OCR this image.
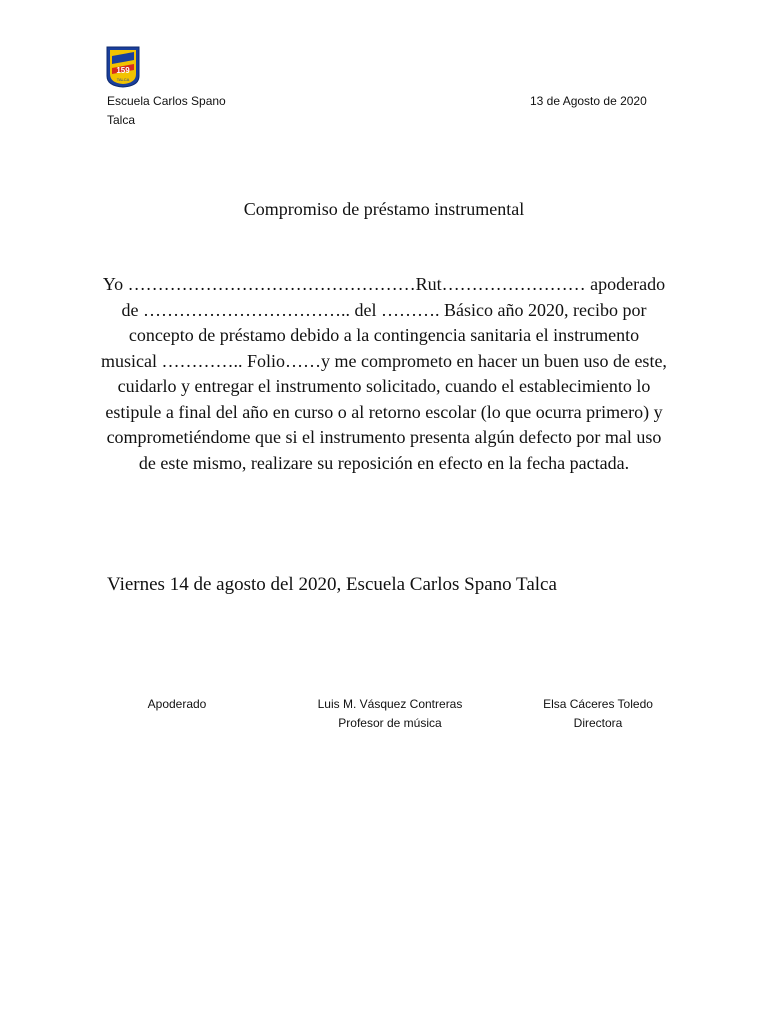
159
TALCA
Escuela Carlos Spano
Talca
13 de Agosto de 2020
Compromiso de préstamo instrumental

Yo …………………………………………Rut…………………… apoderado de …………………………….. del ………. Básico año 2020, recibo por concepto de préstamo debido a la contingencia sanitaria el instrumento musical ………….. Folio……y me comprometo en hacer un buen uso de este, cuidarlo y entregar el instrumento solicitado, cuando el establecimiento lo estipule a final del año en curso o al retorno escolar (lo que ocurra primero) y comprometiéndome que si el instrumento presenta algún defecto por mal uso de este mismo, realizare su reposición en efecto en la fecha pactada.

Viernes 14 de agosto del 2020, Escuela Carlos Spano Talca
Apoderado	Luis M. Vásquez Contreras
Profesor de música
Elsa Cáceres Toledo
Directora
